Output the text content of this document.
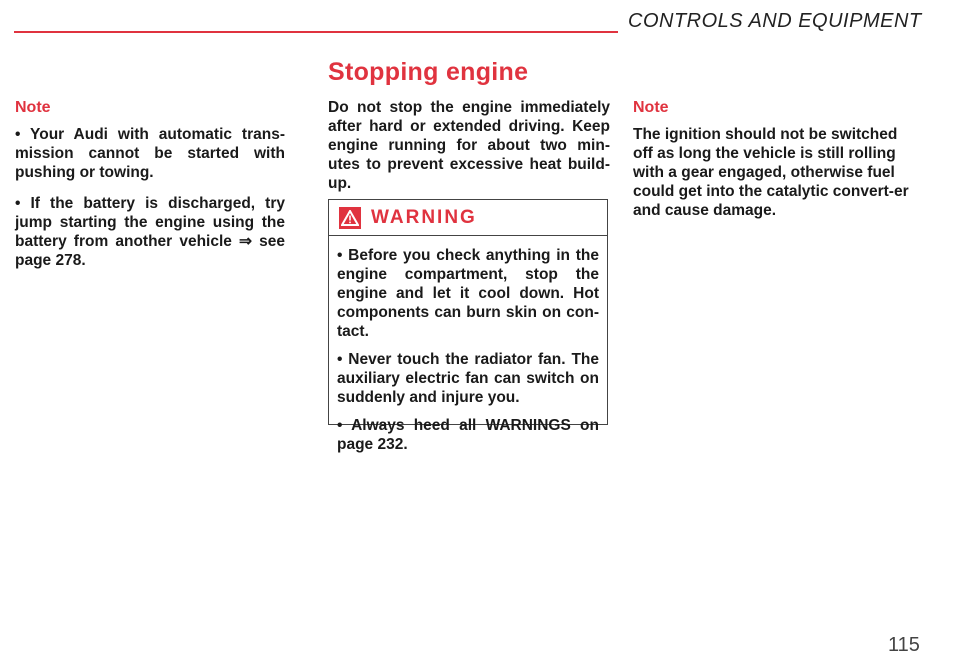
CONTROLS AND EQUIPMENT
Stopping engine
Note

• Your Audi with automatic trans-mission cannot be started with pushing or towing.

• If the battery is discharged, try jump starting the engine using the battery from another vehicle ⇒ see page 278.

Do not stop the engine immediately after hard or extended driving. Keep engine running for about two min-utes to prevent excessive heat build-up.

WARNING

• Before you check anything in the engine compartment, stop the engine and let it cool down. Hot components can burn skin on con-tact.

• Never touch the radiator fan. The auxiliary electric fan can switch on suddenly and injure you.

• Always heed all WARNINGS on page 232.

Note

The ignition should not be switched off as long the vehicle is still rolling with a gear engaged, otherwise fuel could get into the catalytic convert-er and cause damage.

115
